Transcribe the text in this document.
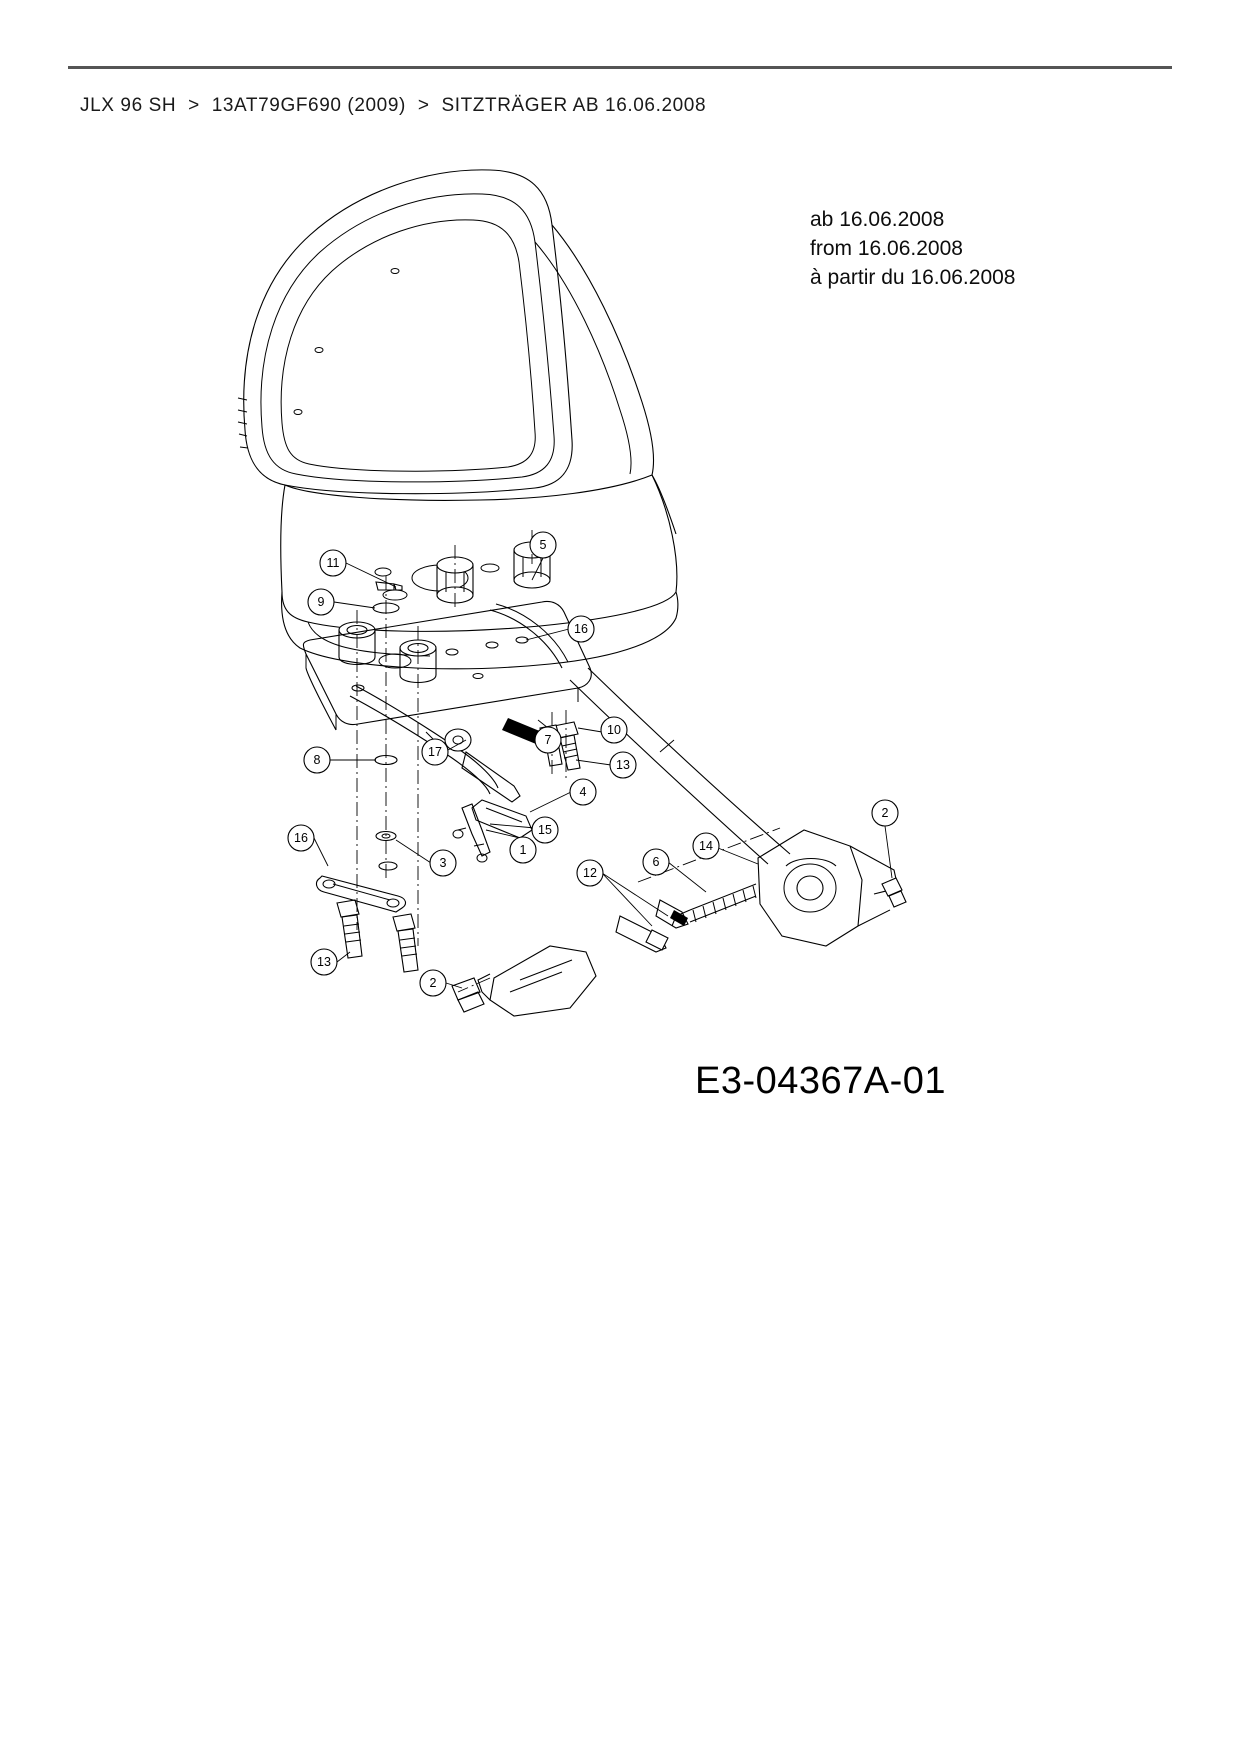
JLX 96 SH > 13AT79GF690 (2009) > SITZTRÄGER AB 16.06.2008
ab 16.06.2008
from 16.06.2008
à partir du 16.06.2008
E3-04367A-01
11
9
5
16
10
7
17
13
8
4
15
1
3
16
13
12
6
14
2
2
